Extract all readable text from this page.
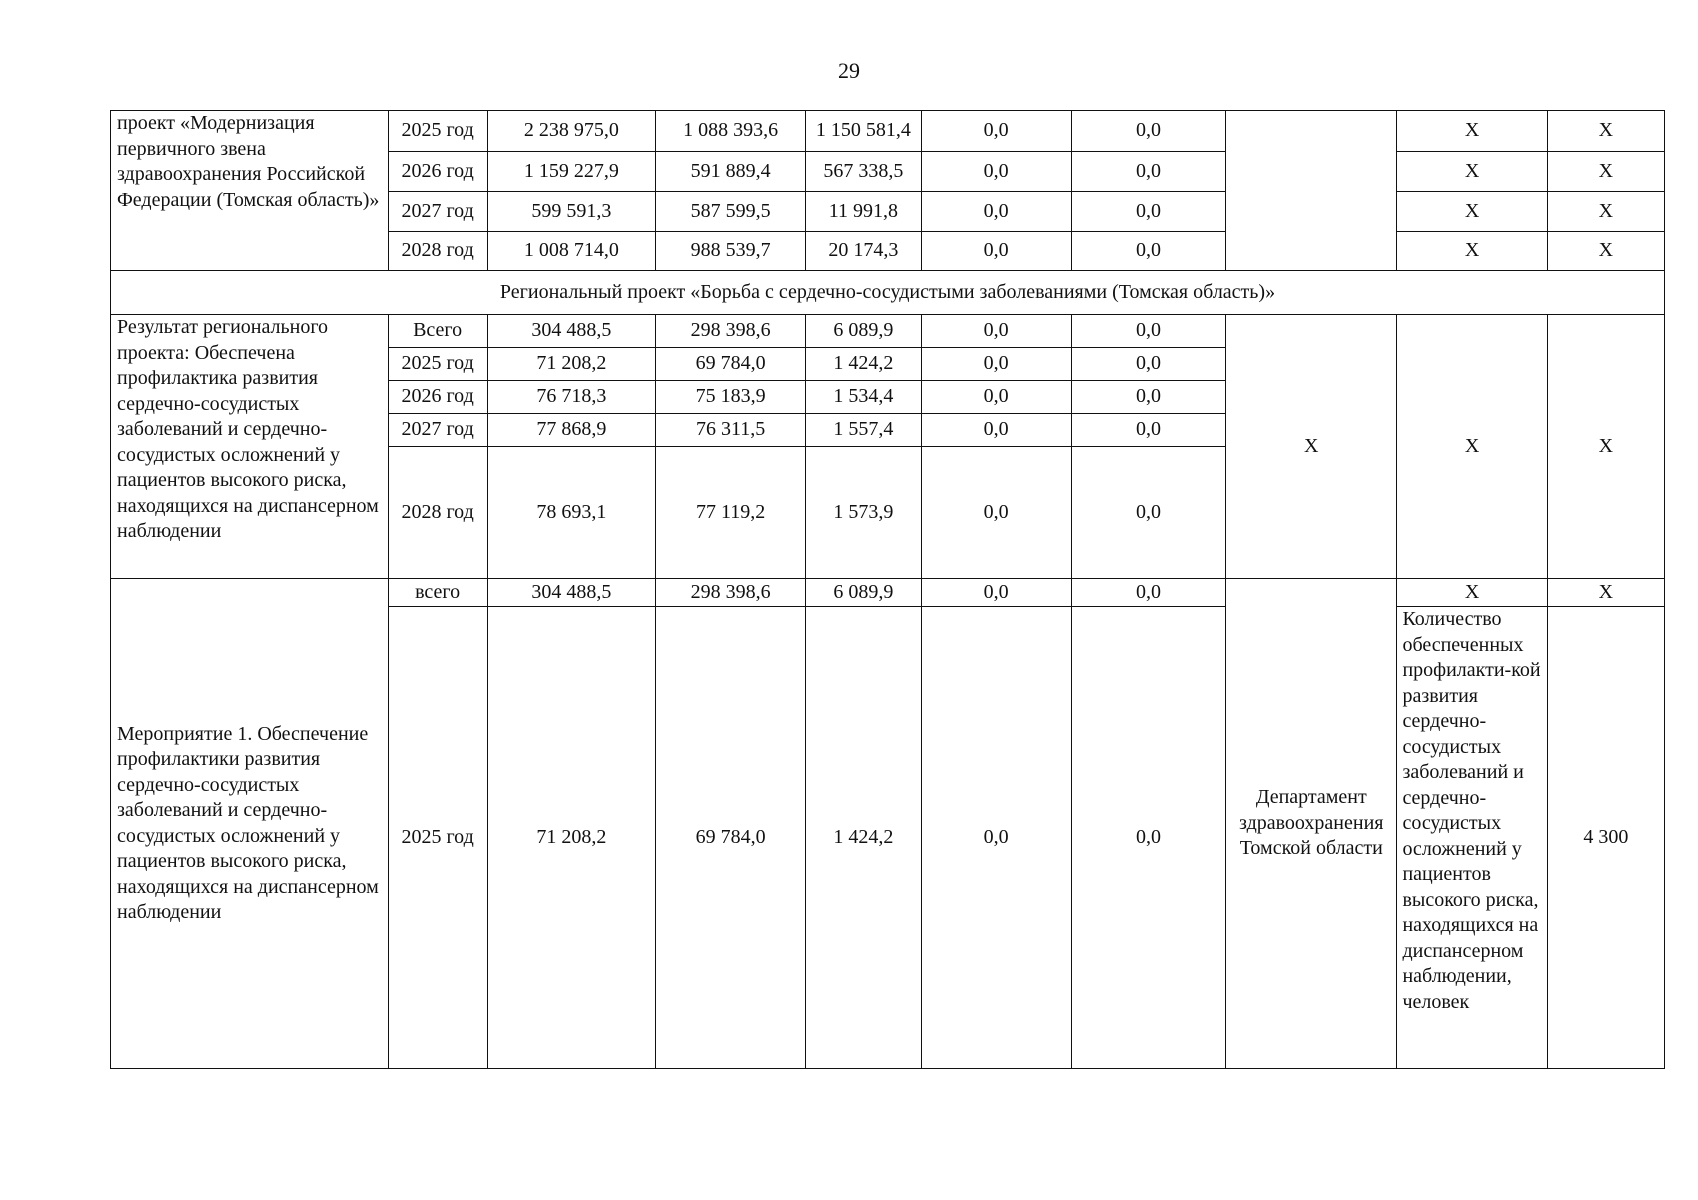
29
проект «Модернизация первичного звена здравоохранения Российской Федерации (Томская область)»	2025 год	2 238 975,0	1 088 393,6	1 150 581,4	0,0	0,0		X	X
	2026 год	1 159 227,9	591 889,4	567 338,5	0,0	0,0		X	X
	2027 год	599 591,3	587 599,5	11 991,8	0,0	0,0		X	X
	2028 год	1 008 714,0	988 539,7	20 174,3	0,0	0,0		X	X
Региональный проект «Борьба с сердечно-сосудистыми заболеваниями (Томская область)»									
Результат регионального проекта: Обеспечена профилактика развития сердечно-сосудистых заболеваний и сердечно-сосудистых осложнений у пациентов высокого риска, находящихся на диспансерном наблюдении	Всего	304 488,5	298 398,6	6 089,9	0,0	0,0	X	X	X
	2025 год	71 208,2	69 784,0	1 424,2	0,0	0,0			
	2026 год	76 718,3	75 183,9	1 534,4	0,0	0,0			
	2027 год	77 868,9	76 311,5	1 557,4	0,0	0,0			
	2028 год	78 693,1	77 119,2	1 573,9	0,0	0,0			
Мероприятие 1. Обеспечение профилактики развития сердечно-сосудистых заболеваний и сердечно-сосудистых осложнений у пациентов высокого риска, находящихся на диспансерном наблюдении	всего	304 488,5	298 398,6	6 089,9	0,0	0,0	Департамент здравоохранения Томской области	X	X
	2025 год	71 208,2	69 784,0	1 424,2	0,0	0,0		Количество обеспеченных профилакти-кой развития сердечно-сосудистых заболеваний и сердечно-сосудистых осложнений у пациентов высокого риска, находящихся на диспансерном наблюдении, человек	4 300
